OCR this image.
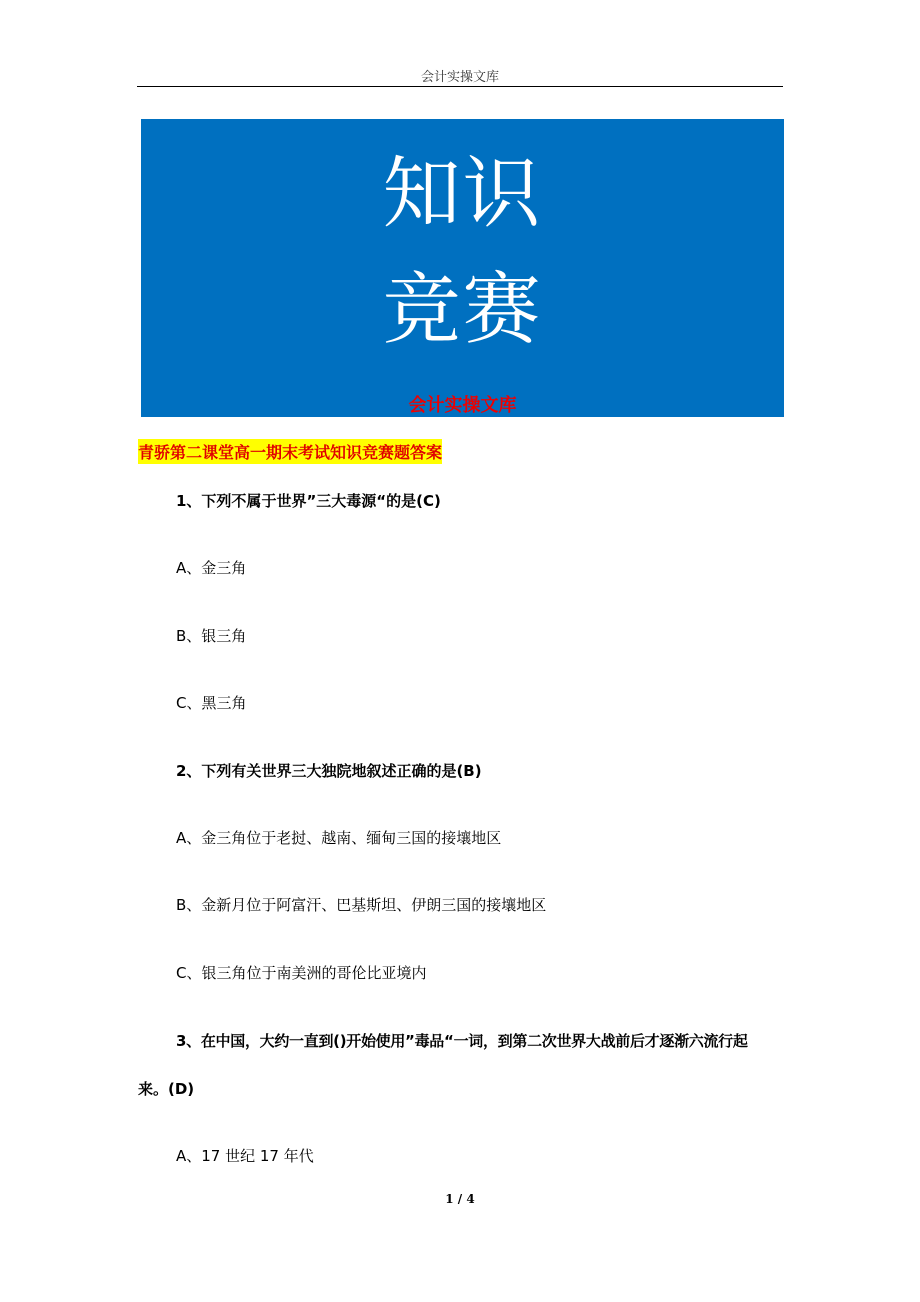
会计实操文库
知识
竞赛
会计实操文库
青骄第二课堂高一期末考试知识竞赛题答案
1、下列不属于世界”三大毒源“的是(C)
A、金三角
B、银三角
C、黑三角
2、下列有关世界三大独院地叙述正确的是(B)
A、金三角位于老挝、越南、缅甸三国的接壤地区
B、金新月位于阿富汗、巴基斯坦、伊朗三国的接壤地区
C、银三角位于南美洲的哥伦比亚境内
3、在中国，大约一直到()开始使用”毒品“一词，到第二次世界大战前后才逐渐六流行起
来。(D)
A、17 世纪 17 年代
1 / 4
